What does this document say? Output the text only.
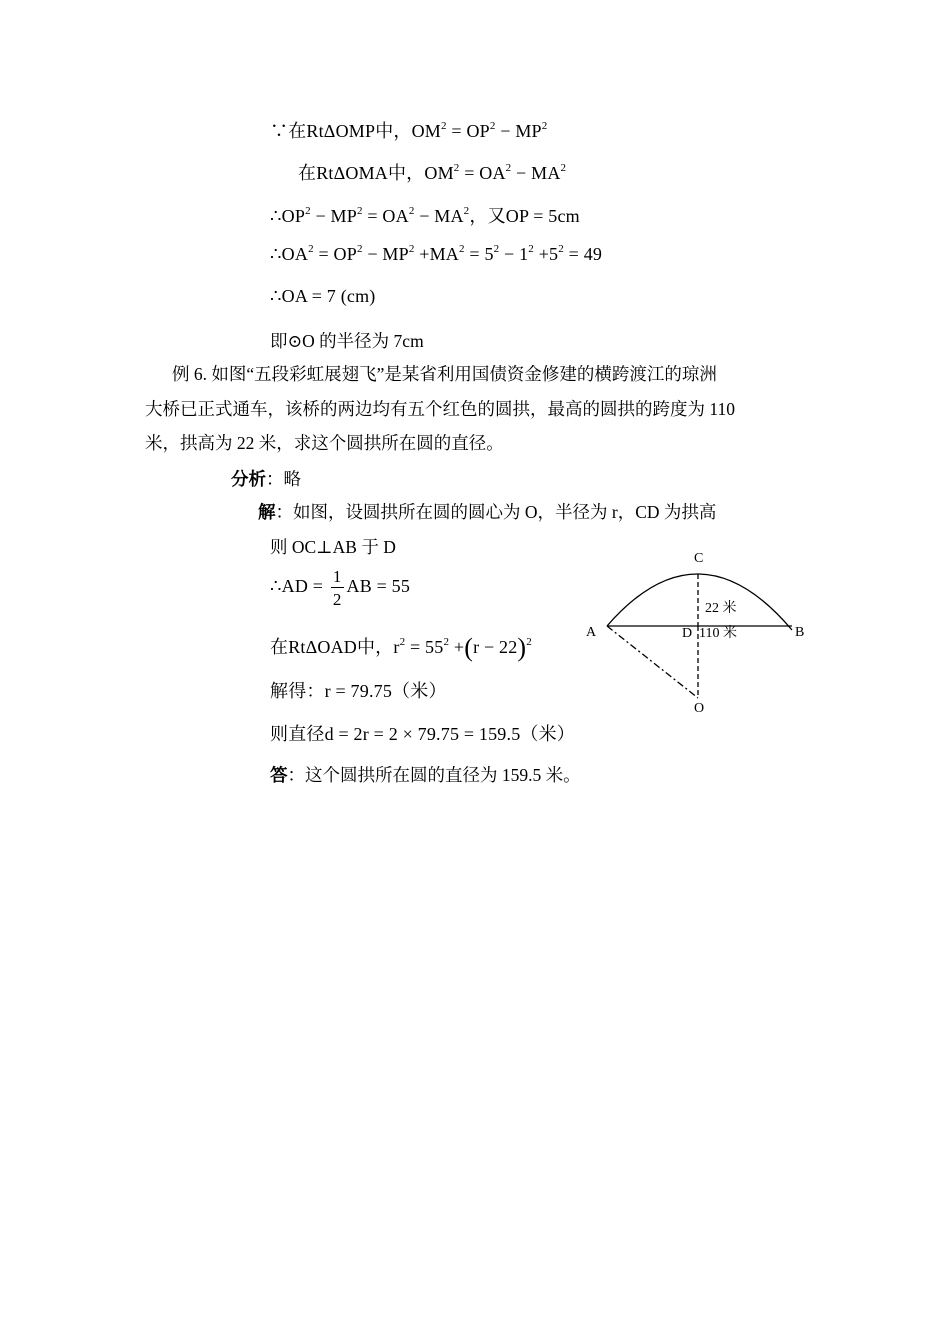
∵在RtΔOMP中，$OM^2 = OP^2 - MP^2$
在RtΔOMA中，$OM^2 = OA^2 - MA^2$
$\therefore OP^2 - MP^2 = OA^2 - MA^2$，又OP = 5cm
$\therefore OA^2 = OP^2 - MP^2 +MA^2 = 5^2 - 1^2 +5^2 = 49$
∴OA = 7 (cm)
即⊙O 的半径为 7cm
例 6. 如图“五段彩虹展翅飞”是某省利用国债资金修建的横跨渡江的琼洲
大桥已正式通车，该桥的两边均有五个红色的圆拱，最高的圆拱的跨度为 110
米，拱高为 22 米，求这个圆拱所在圆的直径。
分析：略
解：如图，设圆拱所在圆的圆心为 O，半径为 r，CD 为拱高
则 OC⊥AB 于 D
∴AD = $\frac{1}{2}$ AB = 55
在RtΔOAD中，$r^2 = 55^2 +(r - 22)^2$
解得：r = 79.75（米）
则直径d = 2r = 2 × 79.75 = 159.5（米）
答：这个圆拱所在圆的直径为 159.5 米。
C
22 米
A	D 110 米	B
O
